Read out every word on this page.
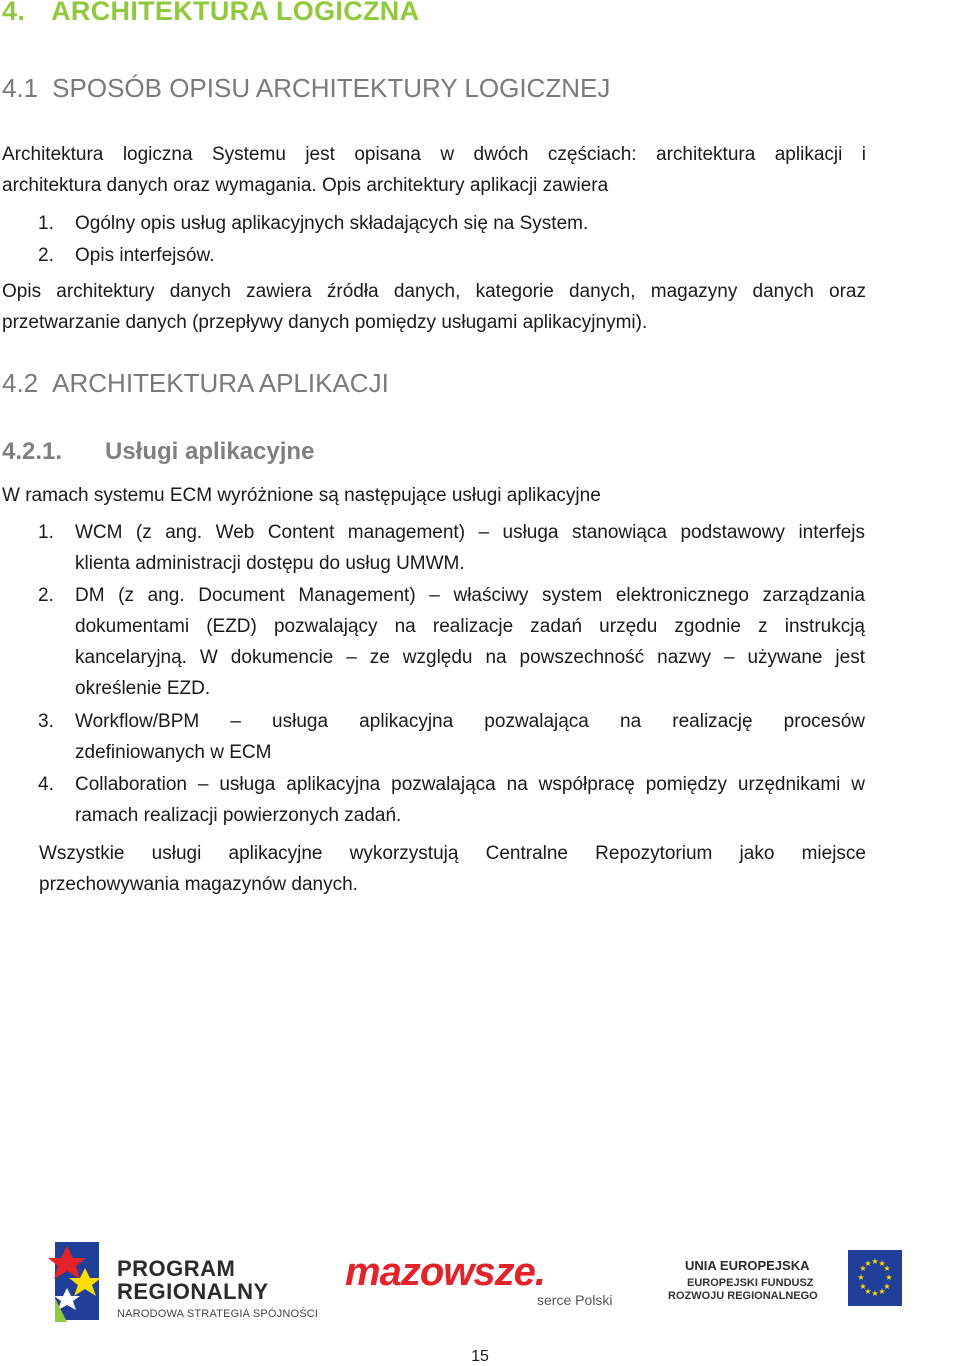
4. ARCHITEKTURA LOGICZNA
4.1 SPOSÓB OPISU ARCHITEKTURY LOGICZNEJ
Architektura logiczna Systemu jest opisana w dwóch częściach: architektura aplikacji i
architektura danych oraz wymagania. Opis architektury aplikacji zawiera
1.	Ogólny opis usług aplikacyjnych składających się na System.
2.	Opis interfejsów.
Opis architektury danych zawiera źródła danych, kategorie danych, magazyny danych oraz
przetwarzanie danych (przepływy danych pomiędzy usługami aplikacyjnymi).
4.2 ARCHITEKTURA APLIKACJI
4.2.1. Usługi aplikacyjne
W ramach systemu ECM wyróżnione są następujące usługi aplikacyjne
1.	WCM (z ang. Web Content management) – usługa stanowiąca podstawowy interfejs
klienta administracji dostępu do usług UMWM.
2.	DM (z ang. Document Management) – właściwy system elektronicznego zarządzania
dokumentami (EZD) pozwalający na realizacje zadań urzędu zgodnie z instrukcją
kancelaryjną. W dokumencie – ze względu na powszechność nazwy – używane jest
określenie EZD.
3.	Workflow/BPM – usługa aplikacyjna pozwalająca na realizację procesów
zdefiniowanych w ECM
4.	Collaboration – usługa aplikacyjna pozwalająca na współpracę pomiędzy urzędnikami w
ramach realizacji powierzonych zadań.
Wszystkie usługi aplikacyjne wykorzystują Centralne Repozytorium jako miejsce
przechowywania magazynów danych.
PROGRAM
REGIONALNY
NARODOWA STRATEGIA SPÓJNOŚCI
mazowsze.
serce Polski
UNIA EUROPEJSKA
EUROPEJSKI FUNDUSZ
ROZWOJU REGIONALNEGO
★ ★
★
★
★
★
★
★
★
★
★
★
15
